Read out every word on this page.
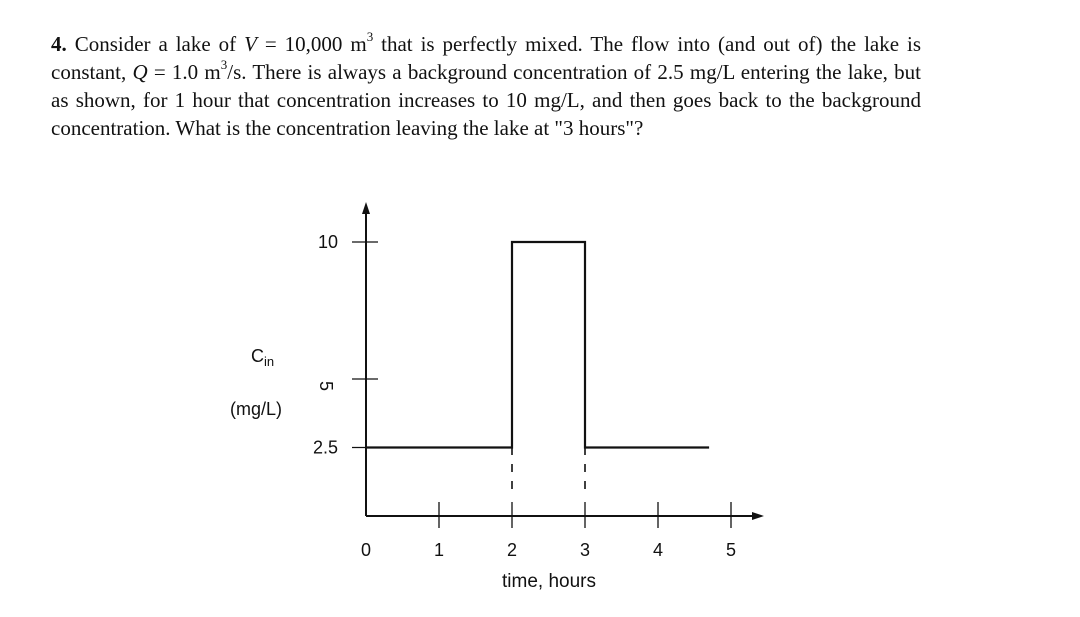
4. Consider a lake of V = 10,000 $m^3$ that is perfectly mixed. The flow into (and out of) the lake is constant, Q = 1.0 $m^3/s$. There is always a background concentration of 2.5 mg/L entering the lake, but as shown, for 1 hour that concentration increases to 10 mg/L, and then goes back to the background concentration. What is the concentration leaving the lake at "3 hours"?
$C_{in}$
(mg/L)
time, hours
0	1	2	3	4	5
10
5
2.5
